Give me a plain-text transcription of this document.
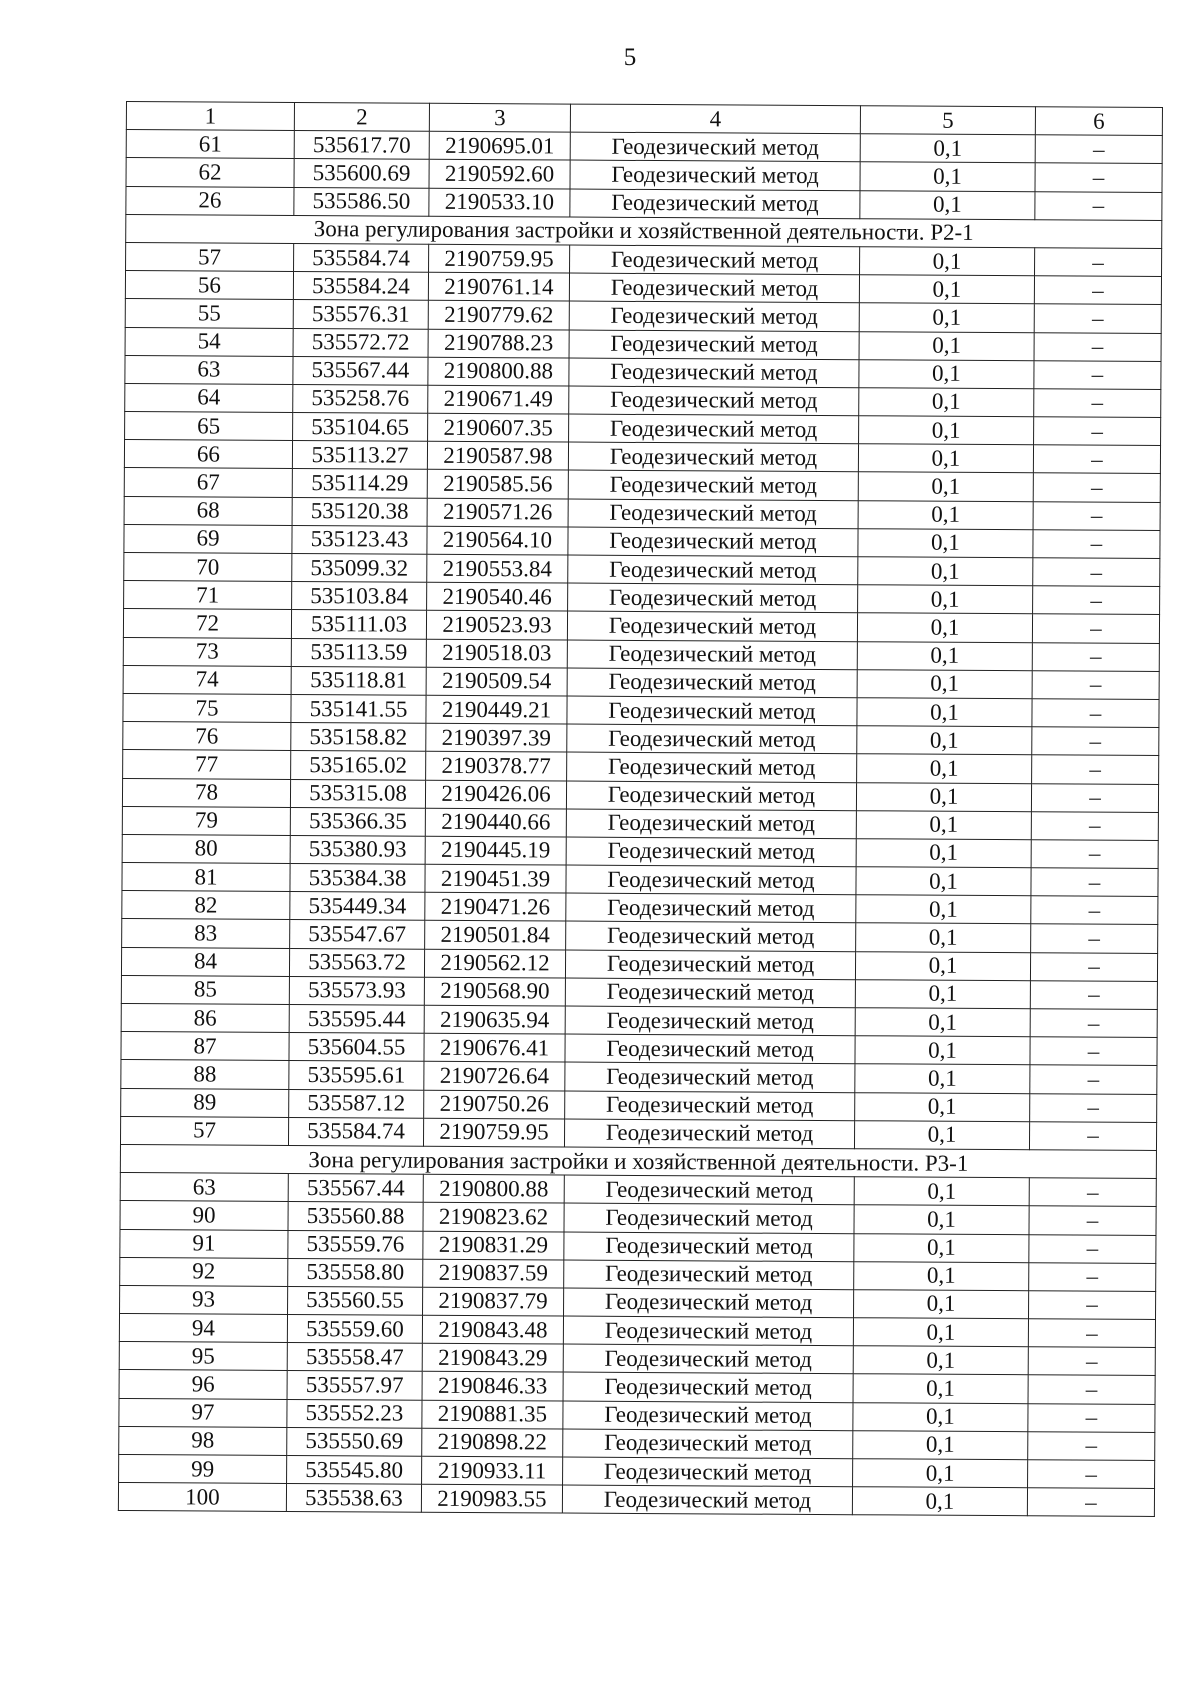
5
1	2	3	4	5	6
61	535617.70	2190695.01	Геодезический метод	0,1	–
62	535600.69	2190592.60	Геодезический метод	0,1	–
26	535586.50	2190533.10	Геодезический метод	0,1	–
Зона регулирования застройки и хозяйственной деятельности. Р2-1					
57	535584.74	2190759.95	Геодезический метод	0,1	–
56	535584.24	2190761.14	Геодезический метод	0,1	–
55	535576.31	2190779.62	Геодезический метод	0,1	–
54	535572.72	2190788.23	Геодезический метод	0,1	–
63	535567.44	2190800.88	Геодезический метод	0,1	–
64	535258.76	2190671.49	Геодезический метод	0,1	–
65	535104.65	2190607.35	Геодезический метод	0,1	–
66	535113.27	2190587.98	Геодезический метод	0,1	–
67	535114.29	2190585.56	Геодезический метод	0,1	–
68	535120.38	2190571.26	Геодезический метод	0,1	–
69	535123.43	2190564.10	Геодезический метод	0,1	–
70	535099.32	2190553.84	Геодезический метод	0,1	–
71	535103.84	2190540.46	Геодезический метод	0,1	–
72	535111.03	2190523.93	Геодезический метод	0,1	–
73	535113.59	2190518.03	Геодезический метод	0,1	–
74	535118.81	2190509.54	Геодезический метод	0,1	–
75	535141.55	2190449.21	Геодезический метод	0,1	–
76	535158.82	2190397.39	Геодезический метод	0,1	–
77	535165.02	2190378.77	Геодезический метод	0,1	–
78	535315.08	2190426.06	Геодезический метод	0,1	–
79	535366.35	2190440.66	Геодезический метод	0,1	–
80	535380.93	2190445.19	Геодезический метод	0,1	–
81	535384.38	2190451.39	Геодезический метод	0,1	–
82	535449.34	2190471.26	Геодезический метод	0,1	–
83	535547.67	2190501.84	Геодезический метод	0,1	–
84	535563.72	2190562.12	Геодезический метод	0,1	–
85	535573.93	2190568.90	Геодезический метод	0,1	–
86	535595.44	2190635.94	Геодезический метод	0,1	–
87	535604.55	2190676.41	Геодезический метод	0,1	–
88	535595.61	2190726.64	Геодезический метод	0,1	–
89	535587.12	2190750.26	Геодезический метод	0,1	–
57	535584.74	2190759.95	Геодезический метод	0,1	–
Зона регулирования застройки и хозяйственной деятельности. Р3-1					
63	535567.44	2190800.88	Геодезический метод	0,1	–
90	535560.88	2190823.62	Геодезический метод	0,1	–
91	535559.76	2190831.29	Геодезический метод	0,1	–
92	535558.80	2190837.59	Геодезический метод	0,1	–
93	535560.55	2190837.79	Геодезический метод	0,1	–
94	535559.60	2190843.48	Геодезический метод	0,1	–
95	535558.47	2190843.29	Геодезический метод	0,1	–
96	535557.97	2190846.33	Геодезический метод	0,1	–
97	535552.23	2190881.35	Геодезический метод	0,1	–
98	535550.69	2190898.22	Геодезический метод	0,1	–
99	535545.80	2190933.11	Геодезический метод	0,1	–
100	535538.63	2190983.55	Геодезический метод	0,1	–
